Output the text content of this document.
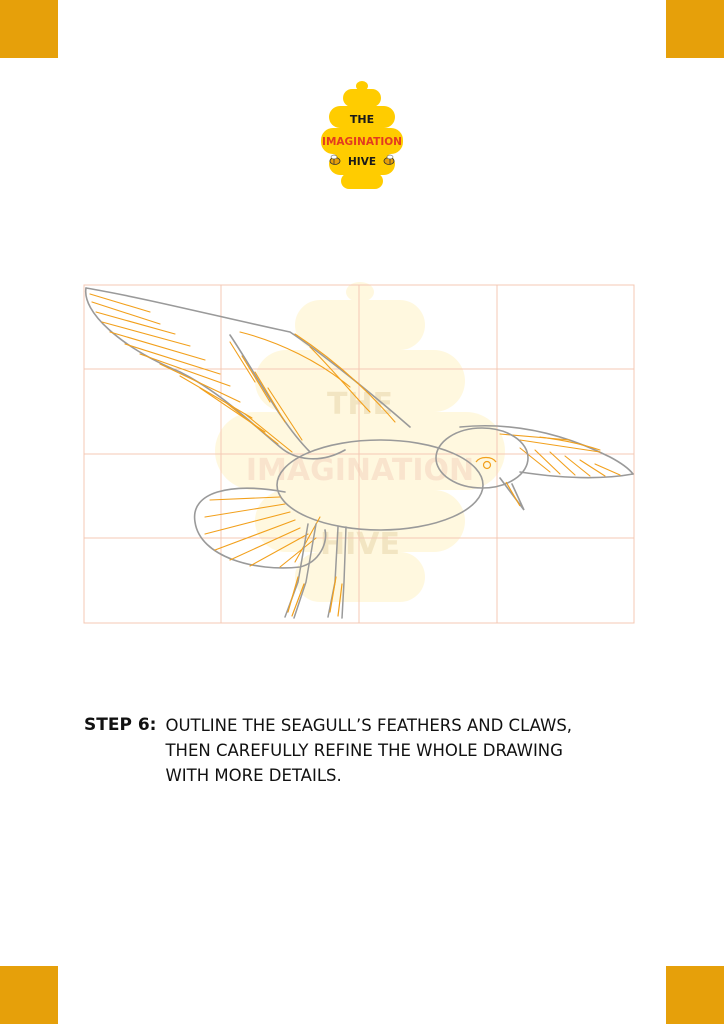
THE
IMAGINATION
HIVE
THE
IMAGINATION
HIVE
STEP 6: OUTLINE THE SEAGULL’S FEATHERS AND CLAWS, THEN CAREFULLY REFINE THE WHOLE DRAWING WITH MORE DETAILS.
